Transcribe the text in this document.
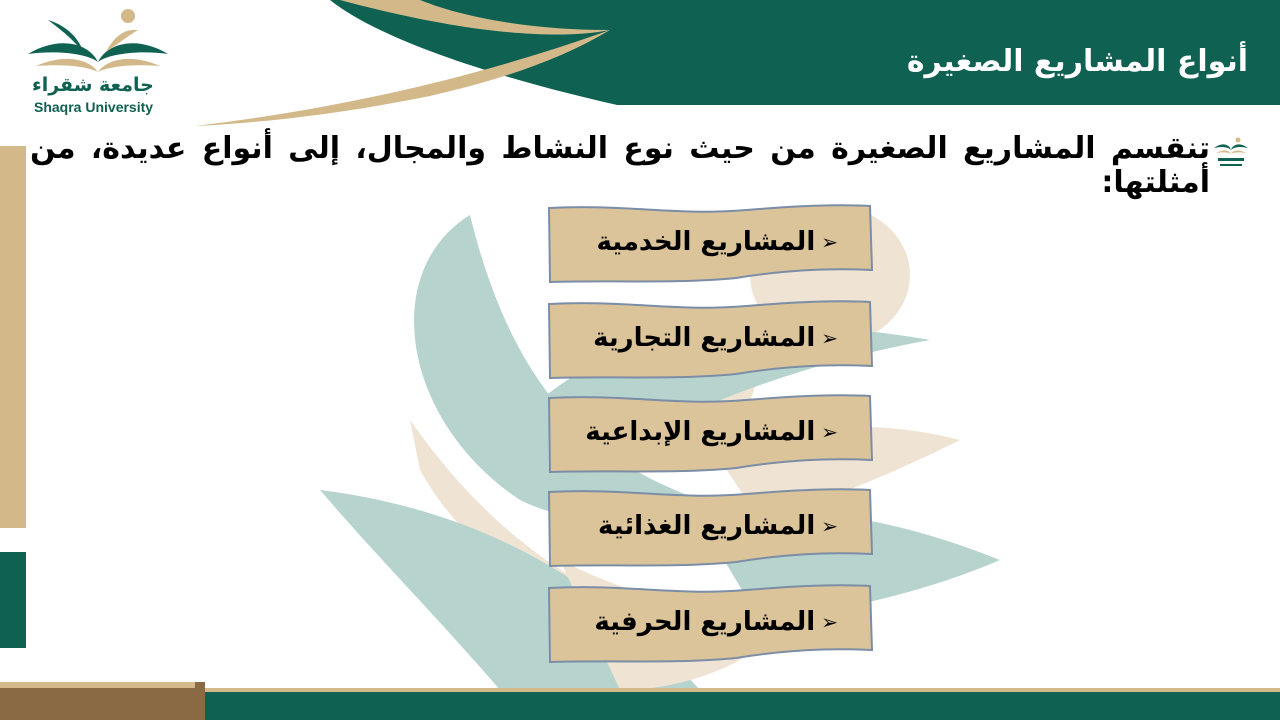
جامعة شقراء
Shaqra University
أنواع المشاريع الصغيرة
تنقسم المشاريع الصغيرة من حيث نوع النشاط والمجال، إلى أنواع عديدة، من أمثلتها:
➢
المشاريع الخدمية
➢
المشاريع التجارية
➢
المشاريع الإبداعية
➢
المشاريع الغذائية
➢
المشاريع الحرفية
